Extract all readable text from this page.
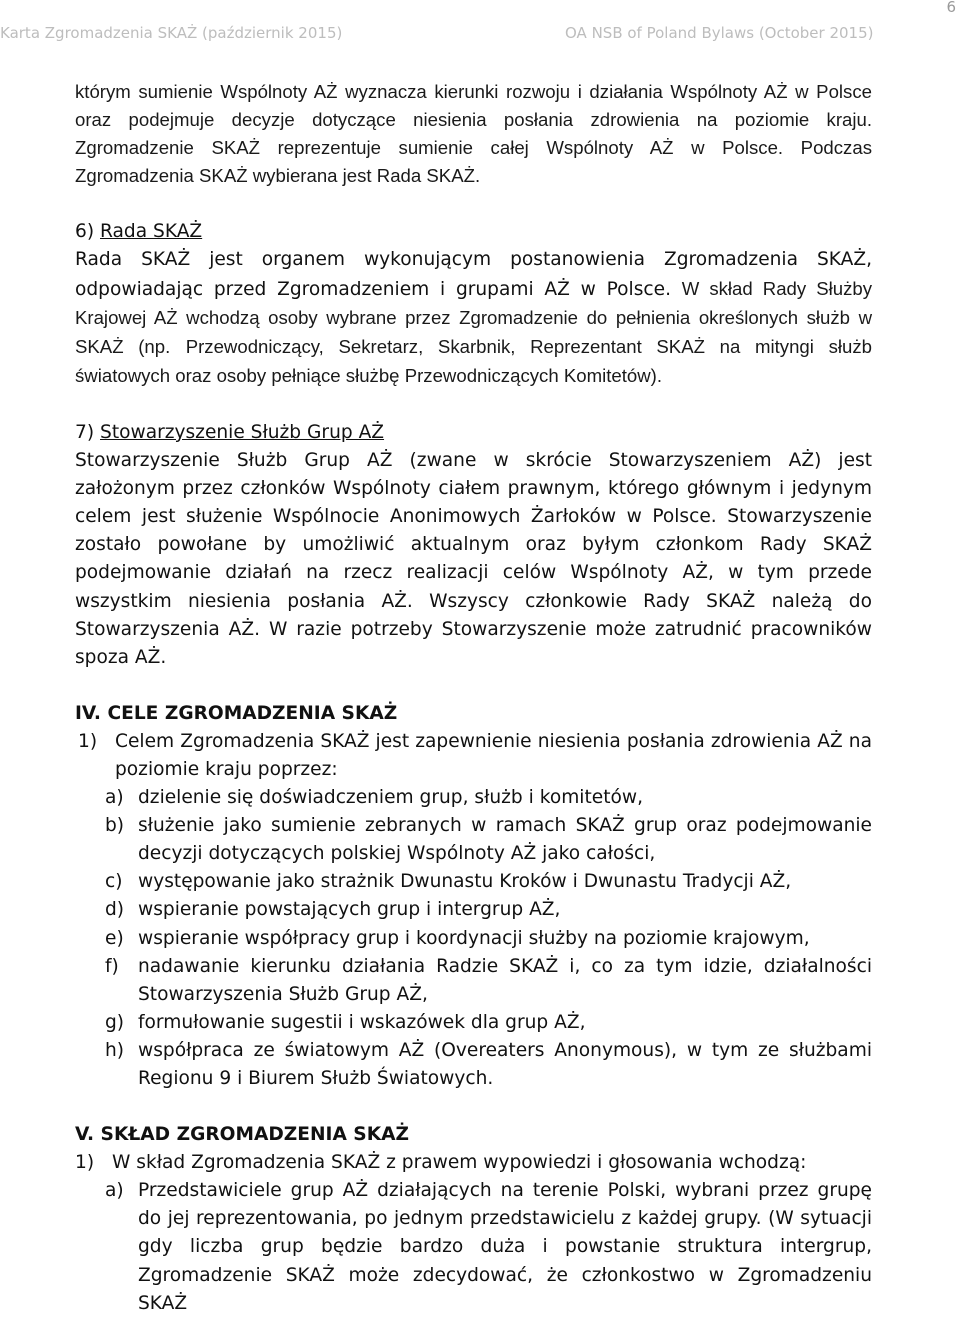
Karta Zgromadzenia SKAŻ (październik 2015)	OA NSB of Poland Bylaws (October 2015)
6

którym sumienie Wspólnoty AŻ wyznacza kierunki rozwoju i działania Wspólnoty AŻ w Polsce oraz podejmuje decyzje dotyczące niesienia posłania zdrowienia na poziomie kraju. Zgromadzenie SKAŻ reprezentuje sumienie całej Wspólnoty AŻ w Polsce. Podczas Zgromadzenia SKAŻ wybierana jest Rada SKAŻ.

6) Rada SKAŻ

Rada SKAŻ jest organem wykonującym postanowienia Zgromadzenia SKAŻ, odpowiadając przed Zgromadzeniem i grupami AŻ w Polsce. W skład Rady Służby Krajowej AŻ wchodzą osoby wybrane przez Zgromadzenie do pełnienia określonych służb w SKAŻ (np. Przewodniczący, Sekretarz, Skarbnik, Reprezentant SKAŻ na mityngi służb światowych oraz osoby pełniące służbę Przewodniczących Komitetów).

7) Stowarzyszenie Służb Grup AŻ

Stowarzyszenie Służb Grup AŻ (zwane w skrócie Stowarzyszeniem AŻ) jest założonym przez członków Wspólnoty ciałem prawnym, którego głównym i jedynym celem jest służenie Wspólnocie Anonimowych Żarłoków w Polsce. Stowarzyszenie zostało powołane by umożliwić aktualnym oraz byłym członkom Rady SKAŻ podejmowanie działań na rzecz realizacji celów Wspólnoty AŻ, w tym przede wszystkim niesienia posłania AŻ. Wszyscy członkowie Rady SKAŻ należą do Stowarzyszenia AŻ. W razie potrzeby Stowarzyszenie może zatrudnić pracowników spoza AŻ.

IV. CELE ZGROMADZENIA SKAŻ
1) Celem Zgromadzenia SKAŻ jest zapewnienie niesienia posłania zdrowienia AŻ na poziomie kraju poprzez:
a) dzielenie się doświadczeniem grup, służb i komitetów,
b) służenie jako sumienie zebranych w ramach SKAŻ grup oraz podejmowanie decyzji dotyczących polskiej Wspólnoty AŻ jako całości,
c) występowanie jako strażnik Dwunastu Kroków i Dwunastu Tradycji AŻ,
d) wspieranie powstających grup i intergrup AŻ,
e) wspieranie współpracy grup i koordynacji służby na poziomie krajowym,
f)	nadawanie kierunku działania Radzie SKAŻ i, co za tym idzie, działalności Stowarzyszenia Służb Grup AŻ,
g) formułowanie sugestii i wskazówek dla grup AŻ,
h) współpraca ze światowym AŻ (Overeaters Anonymous), w tym ze służbami Regionu 9 i Biurem Służb Światowych.
V. SKŁAD ZGROMADZENIA SKAŻ
1) W skład Zgromadzenia SKAŻ z prawem wypowiedzi i głosowania wchodzą:
a) Przedstawiciele grup AŻ działających na terenie Polski, wybrani przez grupę do jej reprezentowania, po jednym przedstawicielu z każdej grupy. (W sytuacji gdy liczba grup będzie bardzo duża i powstanie struktura intergrup, Zgromadzenie SKAŻ może zdecydować, że członkostwo w Zgromadzeniu SKAŻ
